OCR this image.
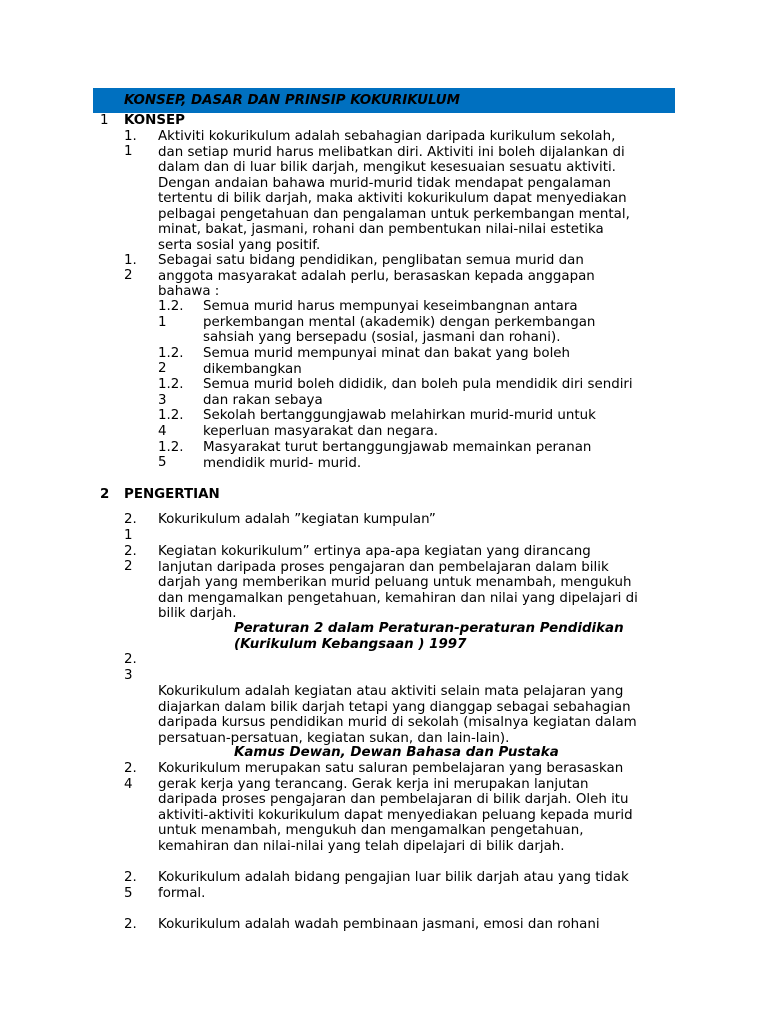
KONSEP, DASAR DAN PRINSIP KOKURIKULUM
1 KONSEP
1.
1
Aktiviti kokurikulum adalah sebahagian daripada kurikulum sekolah,
dan setiap murid harus melibatkan diri. Aktiviti ini boleh dijalankan di
dalam dan di luar bilik darjah, mengikut kesesuaian sesuatu aktiviti.
Dengan andaian bahawa murid-murid tidak mendapat pengalaman
tertentu di bilik darjah, maka aktiviti kokurikulum dapat menyediakan
pelbagai pengetahuan dan pengalaman untuk perkembangan mental,
minat, bakat, jasmani, rohani dan pembentukan nilai-nilai estetika
serta sosial yang positif.
1.
2
Sebagai satu bidang pendidikan, penglibatan semua murid dan
anggota masyarakat adalah perlu, berasaskan kepada anggapan
bahawa :
1.2.
1
Semua murid harus mempunyai keseimbangnan antara
perkembangan mental (akademik) dengan perkembangan
sahsiah yang bersepadu (sosial, jasmani dan rohani).
1.2.
2
Semua murid mempunyai minat dan bakat yang boleh
dikembangkan
1.2.
3
Semua murid boleh dididik, dan boleh pula mendidik diri sendiri
dan rakan sebaya
1.2.
4
Sekolah bertanggungjawab melahirkan murid-murid untuk
keperluan masyarakat dan negara.
1.2.
5
Masyarakat turut bertanggungjawab memainkan peranan
mendidik murid- murid.
2 PENGERTIAN
2.
1
Kokurikulum adalah ”kegiatan kumpulan”
2.
2
Kegiatan kokurikulum” ertinya apa-apa kegiatan yang dirancang
lanjutan daripada proses pengajaran dan pembelajaran dalam bilik
darjah yang memberikan murid peluang untuk menambah, mengukuh
dan mengamalkan pengetahuan, kemahiran dan nilai yang dipelajari di
bilik darjah.
Peraturan 2 dalam Peraturan-peraturan Pendidikan
(Kurikulum Kebangsaan ) 1997
2.
3
Kokurikulum adalah kegiatan atau aktiviti selain mata pelajaran yang
diajarkan dalam bilik darjah tetapi yang dianggap sebagai sebahagian
daripada kursus pendidikan murid di sekolah (misalnya kegiatan dalam
persatuan-persatuan, kegiatan sukan, dan lain-lain).
Kamus Dewan, Dewan Bahasa dan Pustaka
2.
4
Kokurikulum merupakan satu saluran pembelajaran yang berasaskan
gerak kerja yang terancang. Gerak kerja ini merupakan lanjutan
daripada proses pengajaran dan pembelajaran di bilik darjah. Oleh itu
aktiviti-aktiviti kokurikulum dapat menyediakan peluang kepada murid
untuk menambah, mengukuh dan mengamalkan pengetahuan,
kemahiran dan nilai-nilai yang telah dipelajari di bilik darjah.
2.
5
Kokurikulum adalah bidang pengajian luar bilik darjah atau yang tidak
formal.
2. Kokurikulum adalah wadah pembinaan jasmani, emosi dan rohani
